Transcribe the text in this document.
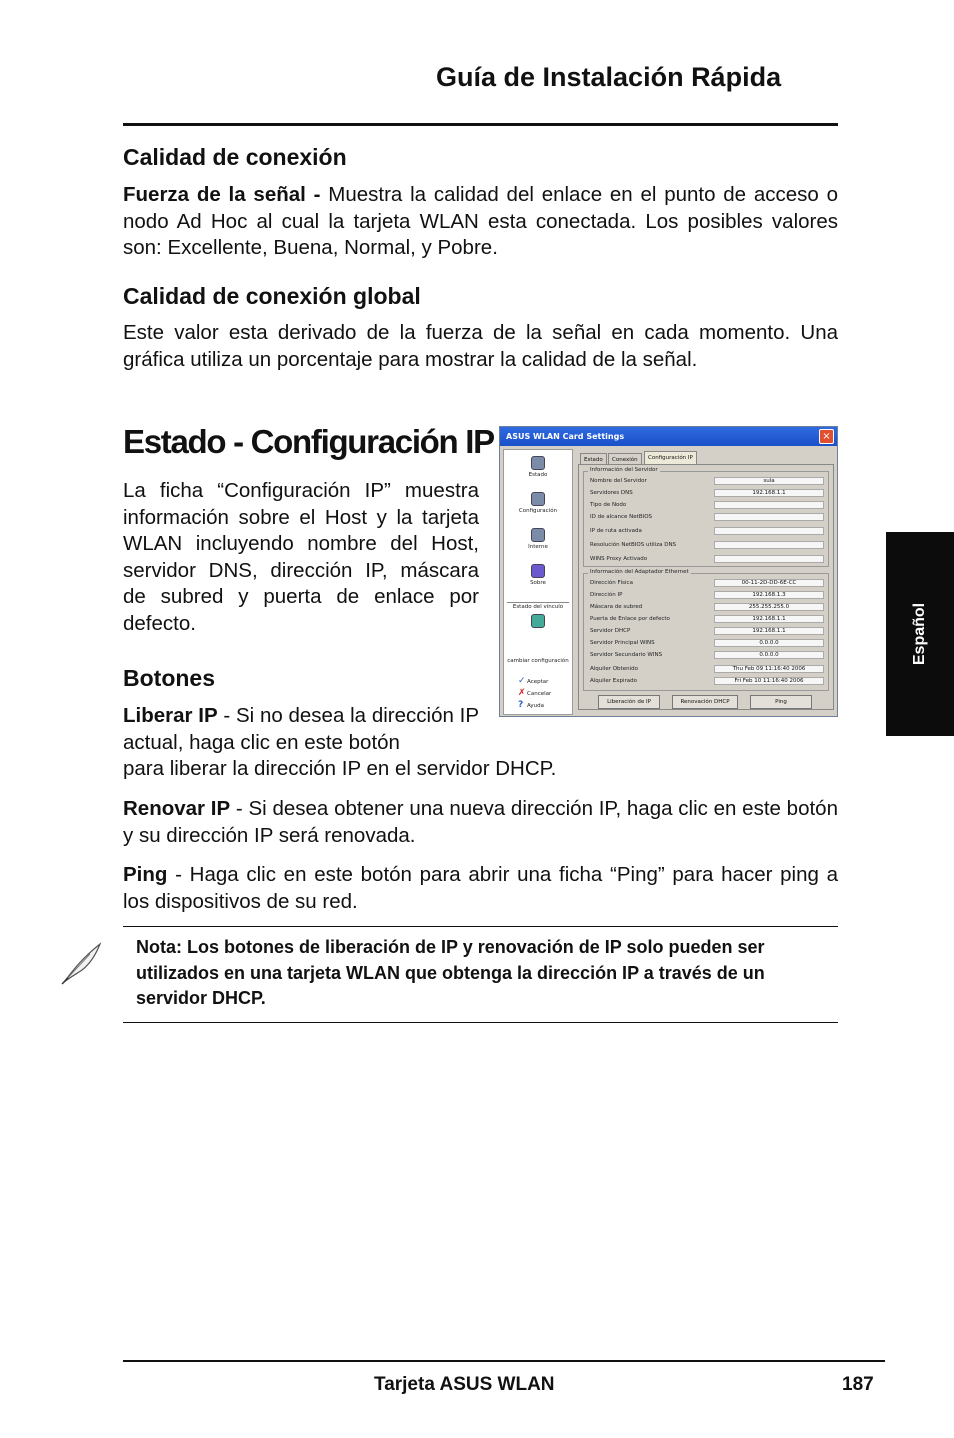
Guía de Instalación Rápida
Calidad de conexión
Fuerza de la señal - Muestra la calidad del enlace en el punto de acceso o nodo Ad Hoc al cual la tarjeta WLAN esta conectada. Los posibles valores son: Excellente, Buena, Normal, y Pobre.
Calidad de conexión global
Este valor esta derivado de la fuerza de la señal en cada momento. Una gráfica utiliza un porcentaje para mostrar la calidad de la señal.
Estado - Configuración IP
La ficha “Configuración IP” muestra información sobre el Host y la tarjeta WLAN incluyendo nombre del Host, servidor DNS, dirección IP, máscara de subred y puerta de enlace por defecto.
Botones
Liberar IP - Si no desea la dirección IP actual, haga clic en este botón
para liberar la dirección IP en el servidor DHCP.
Renovar IP - Si desea obtener una nueva dirección IP, haga clic en este botón y su dirección IP será renovada.
Ping - Haga clic en este botón para abrir una ficha “Ping” para hacer ping a los dispositivos de su red.
Nota: Los botones de liberación de IP y renovación de IP solo pueden ser utilizados en una tarjeta WLAN que obtenga la dirección IP a través de un servidor DHCP.
Español
Tarjeta ASUS WLAN	187
ASUS WLAN Card Settings	×
Estado
Configuración
Interne
Sobre
Estado del vínculo
cambiar configuración
✓Aceptar
✗Cancelar
? Ayuda
Estado	Conexión	Configuración IP
Información del Servidor
Nombre del Servidor	sula
Servidores DNS	192.168.1.1
Tipo de Nodo
ID de alcance NetBIOS
IP de ruta activada
Resolución NetBIOS utiliza DNS
WINS Proxy Activado
Información del Adaptador Ethernet
Dirección Física	00-11-2D-DD-6E-CC
Dirección IP	192.168.1.3
Máscara de subred	255.255.255.0
Puerta de Enlace por defecto	192.168.1.1
Servidor DHCP	192.168.1.1
Servidor Principal WINS	0.0.0.0
Servidor Secundario WINS	0.0.0.0
Alquiler Obtenido	Thu Feb 09 11:16:40 2006
Alquiler Expirado	Fri Feb 10 11:16:40 2006
Liberación de IP	Renovación DHCP	Ping
